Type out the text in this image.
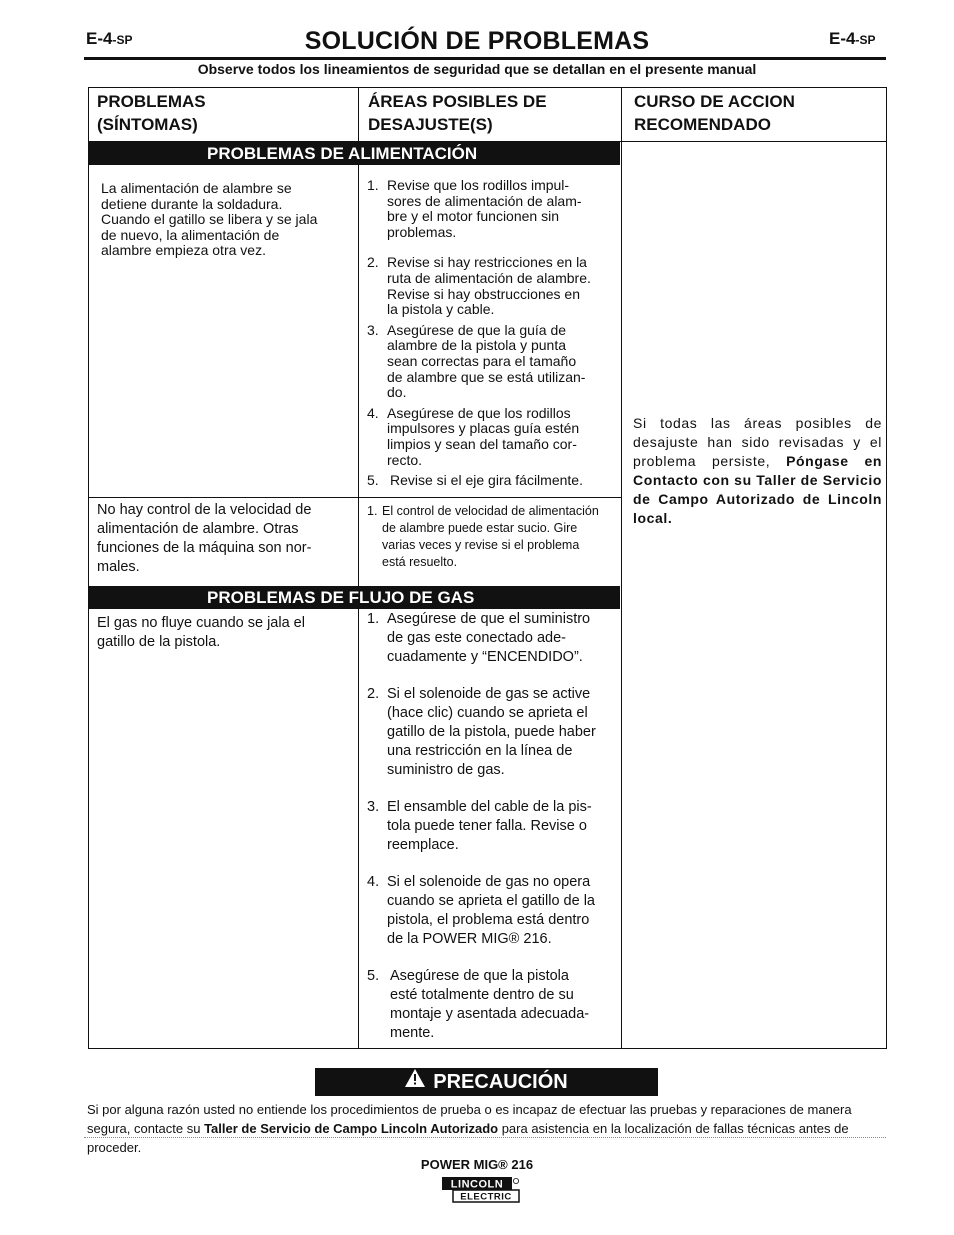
E-4-SP	SOLUCIÓN DE PROBLEMAS	E-4-SP
Observe todos los lineamientos de seguridad que se detallan en el presente manual
PROBLEMAS
(SÍNTOMAS)
ÁREAS POSIBLES DE
DESAJUSTE(S)
CURSO DE ACCION
RECOMENDADO
PROBLEMAS DE ALIMENTACIÓN
PROBLEMAS DE FLUJO DE GAS
La alimentación de alambre se
detiene durante la soldadura.
Cuando el gatillo se libera y se jala
de nuevo, la alimentación de
alambre empieza otra vez.
1. Revise que los rodillos impul-
sores de alimentación de alam-
bre y el motor funcionen sin
problemas.
2. Revise si hay restricciones en la
ruta de alimentación de alambre.
Revise si hay obstrucciones en
la pistola y cable.
3. Asegúrese de que la guía de
alambre de la pistola y punta
sean correctas para el tamaño
de alambre que se está utilizan-
do.
4. Asegúrese de que los rodillos
impulsores y placas guía estén
limpios y sean del tamaño cor-
recto.
5. Revise si el eje gira fácilmente.
No hay control de la velocidad de
alimentación de alambre. Otras
funciones de la máquina son nor-
males.
1. El control de velocidad de alimentación
de alambre puede estar sucio. Gire
varias veces y revise si el problema
está resuelto.
El gas no fluye cuando se jala el
gatillo de la pistola.
1. Asegúrese de que el suministro
de gas este conectado ade-
cuadamente y “ENCENDIDO”.
2. Si el solenoide de gas se active
(hace clic) cuando se aprieta el
gatillo de la pistola, puede haber
una restricción en la línea de
suministro de gas.
3. El ensamble del cable de la pis-
tola puede tener falla. Revise o
reemplace.
4. Si el solenoide de gas no opera
cuando se aprieta el gatillo de la
pistola, el problema está dentro
de la POWER MIG® 216.
5. Asegúrese de que la pistola
esté totalmente dentro de su
montaje y asentada adecuada-
mente.
Si todas las áreas posibles de desajuste han sido revisadas y el problema persiste, Póngase en Contacto con su Taller de Servicio de Campo Autorizado de Lincoln local.
PRECAUCIÓN
Si por alguna razón usted no entiende los procedimientos de prueba o es incapaz de efectuar las pruebas y reparaciones de manera segura, contacte su Taller de Servicio de Campo Lincoln Autorizado para asistencia en la localización de fallas técnicas antes de proceder.
POWER MIG® 216
LINCOLN
ELECTRIC
